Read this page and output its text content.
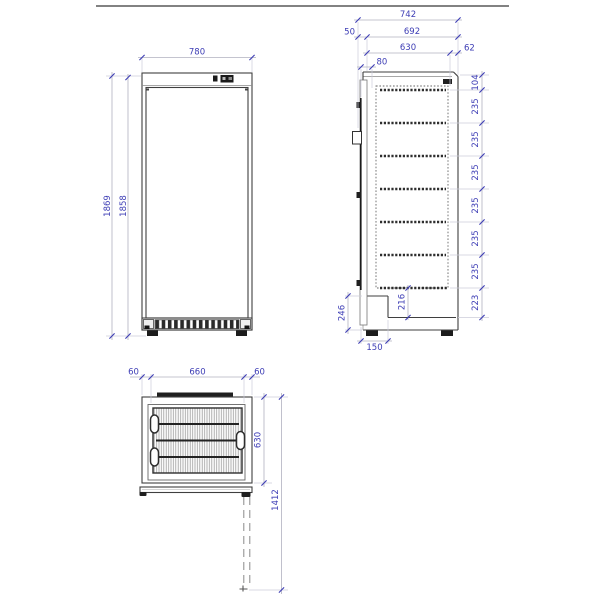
780
1869 1858
742
692
50
630	62
80
104
235
235
235
235
235
235
223
246
216
150
60	660	60
630
1412
